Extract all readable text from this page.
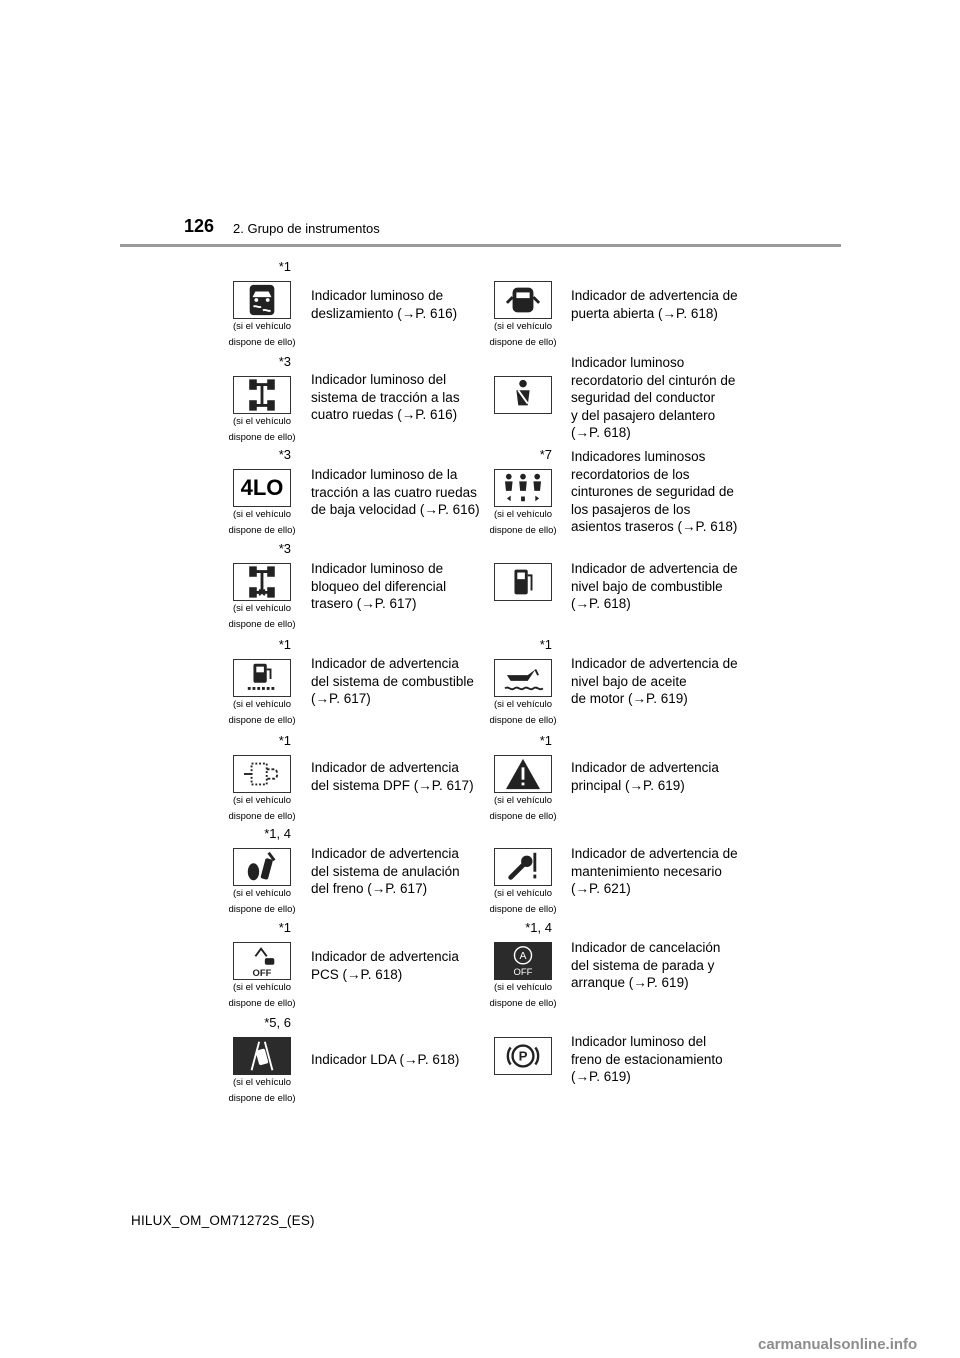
126 2. Grupo de instrumentos
*1
(si el vehículo
dispone de ello)
Indicador luminoso de
deslizamiento (→P. 616)
*3
(si el vehículo
dispone de ello)
Indicador luminoso del
sistema de tracción a las
cuatro ruedas (→P. 616)
*3
4LO
(si el vehículo
dispone de ello)
Indicador luminoso de la
tracción a las cuatro ruedas
de baja velocidad (→P. 616)
*3
(si el vehículo
dispone de ello)
Indicador luminoso de
bloqueo del diferencial
trasero (→P. 617)
*1
(si el vehículo
dispone de ello)
Indicador de advertencia
del sistema de combustible
(→P. 617)
*1
(si el vehículo
dispone de ello)
Indicador de advertencia
del sistema DPF (→P. 617)
*1, 4
(si el vehículo
dispone de ello)
Indicador de advertencia
del sistema de anulación
del freno (→P. 617)
*1
OFF
(si el vehículo
dispone de ello)
Indicador de advertencia
PCS (→P. 618)
*5, 6
(si el vehículo
dispone de ello)
Indicador LDA (→P. 618)
(si el vehículo
dispone de ello)
Indicador de advertencia de
puerta abierta (→P. 618)
Indicador luminoso
recordatorio del cinturón de
seguridad del conductor
y del pasajero delantero
(→P. 618)
*7
(si el vehículo
dispone de ello)
Indicadores luminosos
recordatorios de los
cinturones de seguridad de
los pasajeros de los
asientos traseros (→P. 618)
Indicador de advertencia de
nivel bajo de combustible
(→P. 618)
*1
(si el vehículo
dispone de ello)
Indicador de advertencia de
nivel bajo de aceite
de motor (→P. 619)
*1
(si el vehículo
dispone de ello)
Indicador de advertencia
principal (→P. 619)
(si el vehículo
dispone de ello)
Indicador de advertencia de
mantenimiento necesario
(→P. 621)
*1, 4
A
OFF
(si el vehículo
dispone de ello)
Indicador de cancelación
del sistema de parada y
arranque (→P. 619)
P
Indicador luminoso del
freno de estacionamiento
(→P. 619)
HILUX_OM_OM71272S_(ES)
carmanualsonline.info
